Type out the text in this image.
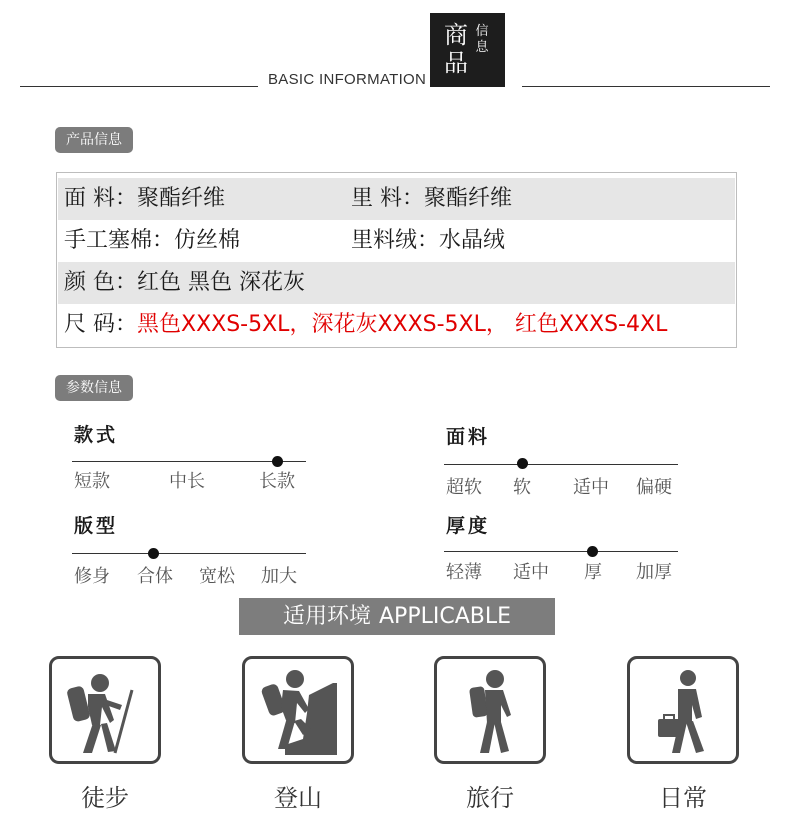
BASIC INFORMATION
商品
信息
产品信息
面 料：聚酯纤维	里 料：聚酯纤维
手工塞棉：仿丝棉	里料绒：水晶绒
颜 色：红色 黑色 深花灰
尺 码：黑色XXXS-5XL，深花灰XXXS-5XL， 红色XXXS-4XL
参数信息
款式
短款	中长	长款
面料
超软 软 适中 偏硬
版型
修身 合体 宽松 加大
厚度
轻薄 适中 厚 加厚
适用环境 APPLICABLE
徒步	登山	旅行	日常
